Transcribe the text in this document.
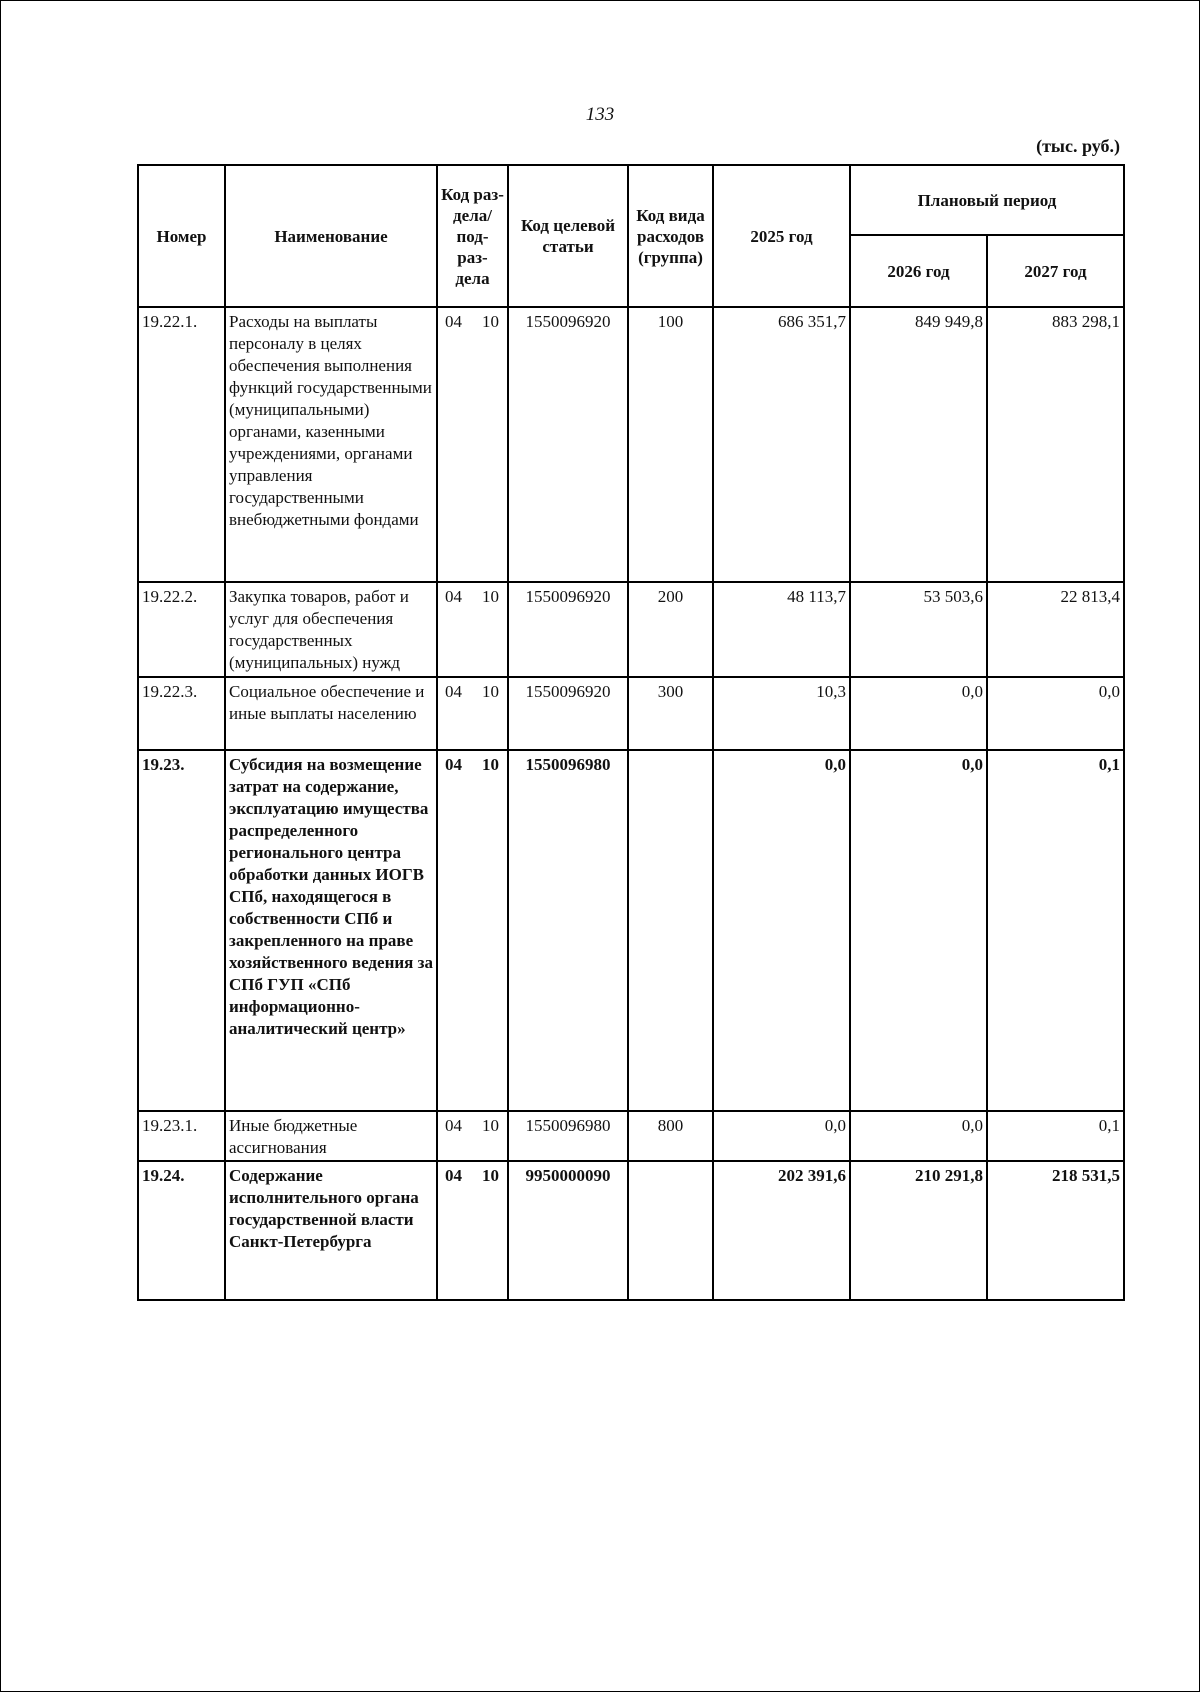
133
(тыс. руб.)
Номер	Наименование	Код раз- дела/ под- раз- дела	Код целевой статьи	Код вида расходов (группа)	2025 год	Плановый период	
						2026 год	2027 год
19.22.1.	Расходы на выплаты персоналу в целях обеспечения выполнения функций государственными (муниципальными) органами, казенными учреждениями, органами управления государственными внебюджетными фондами	04 10	1550096920	100	686 351,7	849 949,8	883 298,1
19.22.2.	Закупка товаров, работ и услуг для обеспечения государственных (муниципальных) нужд	04 10	1550096920	200	48 113,7	53 503,6	22 813,4
19.22.3.	Социальное обеспечение и иные выплаты населению	04 10	1550096920	300	10,3	0,0	0,0
19.23.	Субсидия на возмещение затрат на содержание, эксплуатацию имущества распределенного регионального центра обработки данных ИОГВ СПб, находящегося в собственности СПб и закрепленного на праве хозяйственного ведения за СПб ГУП «СПб информационно-аналитический центр»	04 10	1550096980		0,0	0,0	0,1
19.23.1.	Иные бюджетные ассигнования	04 10	1550096980	800	0,0	0,0	0,1
19.24.	Содержание исполнительного органа государственной власти Санкт-Петербурга	04 10	9950000090		202 391,6	210 291,8	218 531,5
